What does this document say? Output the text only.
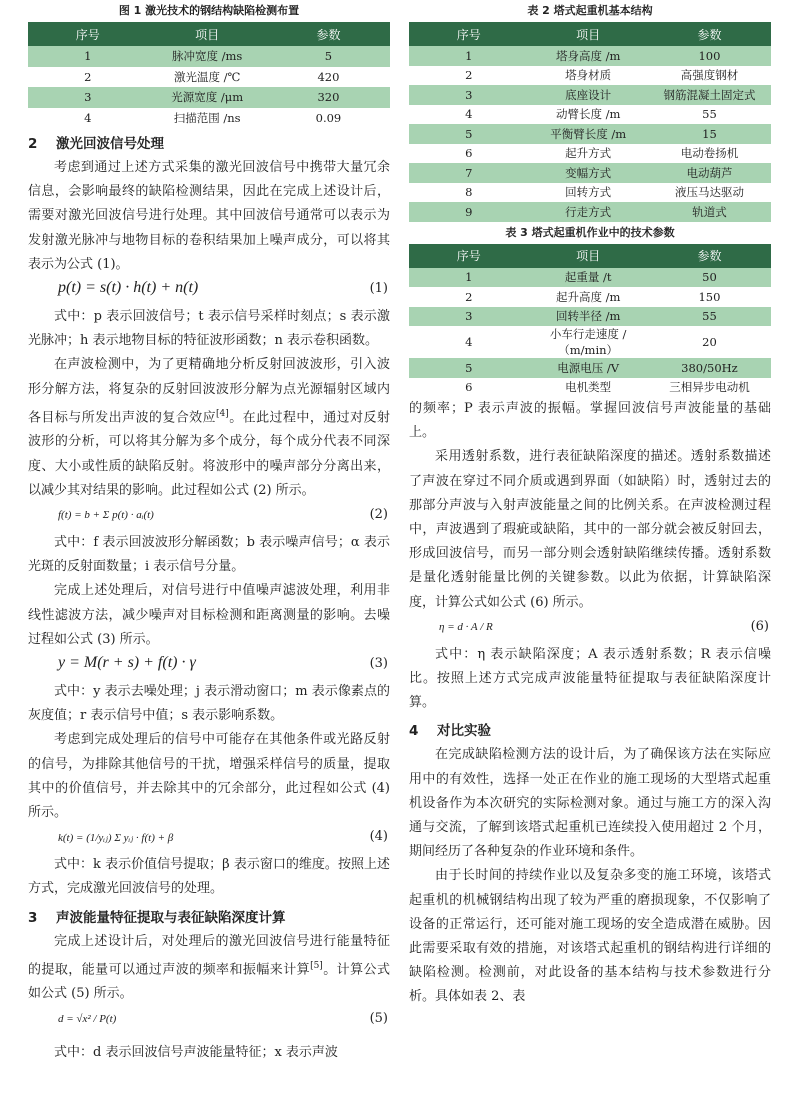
图 1 激光技术的钢结构缺陷检测布置
序号	项目	参数
1	脉冲宽度 /ms	5
2	激光温度 /℃	420
3	光源宽度 /μm	320
4	扫描范围 /ns	0.09
2 激光回波信号处理

考虑到通过上述方式采集的激光回波信号中携带大量冗余信息，会影响最终的缺陷检测结果，因此在完成上述设计后，需要对激光回波信号进行处理。其中回波信号通常可以表示为发射激光脉冲与地物目标的卷积结果加上噪声成分，可以将其表示为公式 (1)。

p(t) = s(t) · h(t) + n(t)	(1)

式中：p 表示回波信号；t 表示信号采样时刻点；s 表示激光脉冲；h 表示地物目标的特征波形函数；n 表示卷积函数。

在声波检测中，为了更精确地分析反射回波波形，引入波形分解方法，将复杂的反射回波波形分解为点光源辐射区域内各目标与所发出声波的复合效应[4]。在此过程中，通过对反射波形的分析，可以将其分解为多个成分，每个成分代表不同深度、大小或性质的缺陷反射。将波形中的噪声部分分离出来，以减少其对结果的影响。此过程如公式 (2) 所示。

f(t) = b + Σ p(t) · aᵢ(t)	(2)

式中：f 表示回波波形分解函数；b 表示噪声信号；α 表示光斑的反射面数量；i 表示信号分量。

完成上述处理后，对信号进行中值噪声滤波处理，利用非线性滤波方法，减少噪声对目标检测和距离测量的影响。去噪过程如公式 (3) 所示。

y = M(r + s) + f(t) · γ	(3)

式中：y 表示去噪处理；j 表示滑动窗口；m 表示像素点的灰度值；r 表示信号中值；s 表示影响系数。

考虑到完成处理后的信号中可能存在其他条件或光路反射的信号，为排除其他信号的干扰，增强采样信号的质量，提取其中的价值信号，并去除其中的冗余部分，此过程如公式 (4) 所示。

k(t) = (1/yᵢⱼ) Σ yᵢⱼ · f(t) + β	(4)

式中：k 表示价值信号提取；β 表示窗口的维度。按照上述方式，完成激光回波信号的处理。

3 声波能量特征提取与表征缺陷深度计算

完成上述设计后，对处理后的激光回波信号进行能量特征的提取，能量可以通过声波的频率和振幅来计算[5]。计算公式如公式 (5) 所示。

d = √x² / P(t)	(5)

式中：d 表示回波信号声波能量特征；x 表示声波

表 2 塔式起重机基本结构
序号	项目	参数
1	塔身高度 /m	100
2	塔身材质	高强度钢材
3	底座设计	钢筋混凝土固定式
4	动臂长度 /m	55
5	平衡臂长度 /m	15
6	起升方式	电动卷扬机
7	变幅方式	电动葫芦
8	回转方式	液压马达驱动
9	行走方式	轨道式
表 3 塔式起重机作业中的技术参数
序号	项目	参数
1	起重量 /t	50
2	起升高度 /m	150
3	回转半径 /m	55
4	小车行走速度 /（m/min）	20
5	电源电压 /V	380/50Hz
6	电机类型	三相异步电动机

的频率；P 表示声波的振幅。掌握回波信号声波能量的基础上。

采用透射系数，进行表征缺陷深度的描述。透射系数描述了声波在穿过不同介质或遇到界面（如缺陷）时，透射过去的那部分声波与入射声波能量之间的比例关系。在声波检测过程中，声波遇到了瑕疵或缺陷，其中的一部分就会被反射回去，形成回波信号，而另一部分则会透射缺陷继续传播。透射系数是量化透射能量比例的关键参数。以此为依据，计算缺陷深度，计算公式如公式 (6) 所示。

η = d · A / R	(6)

式中：η 表示缺陷深度；A 表示透射系数；R 表示信噪比。按照上述方式完成声波能量特征提取与表征缺陷深度计算。

4 对比实验

在完成缺陷检测方法的设计后，为了确保该方法在实际应用中的有效性，选择一处正在作业的施工现场的大型塔式起重机设备作为本次研究的实际检测对象。通过与施工方的深入沟通与交流，了解到该塔式起重机已连续投入使用超过 2 个月，期间经历了各种复杂的作业环境和条件。

由于长时间的持续作业以及复杂多变的施工环境，该塔式起重机的机械钢结构出现了较为严重的磨损现象，不仅影响了设备的正常运行，还可能对施工现场的安全造成潜在威胁。因此需要采取有效的措施，对该塔式起重机的钢结构进行详细的缺陷检测。检测前，对此设备的基本结构与技术参数进行分析。具体如表 2、表
